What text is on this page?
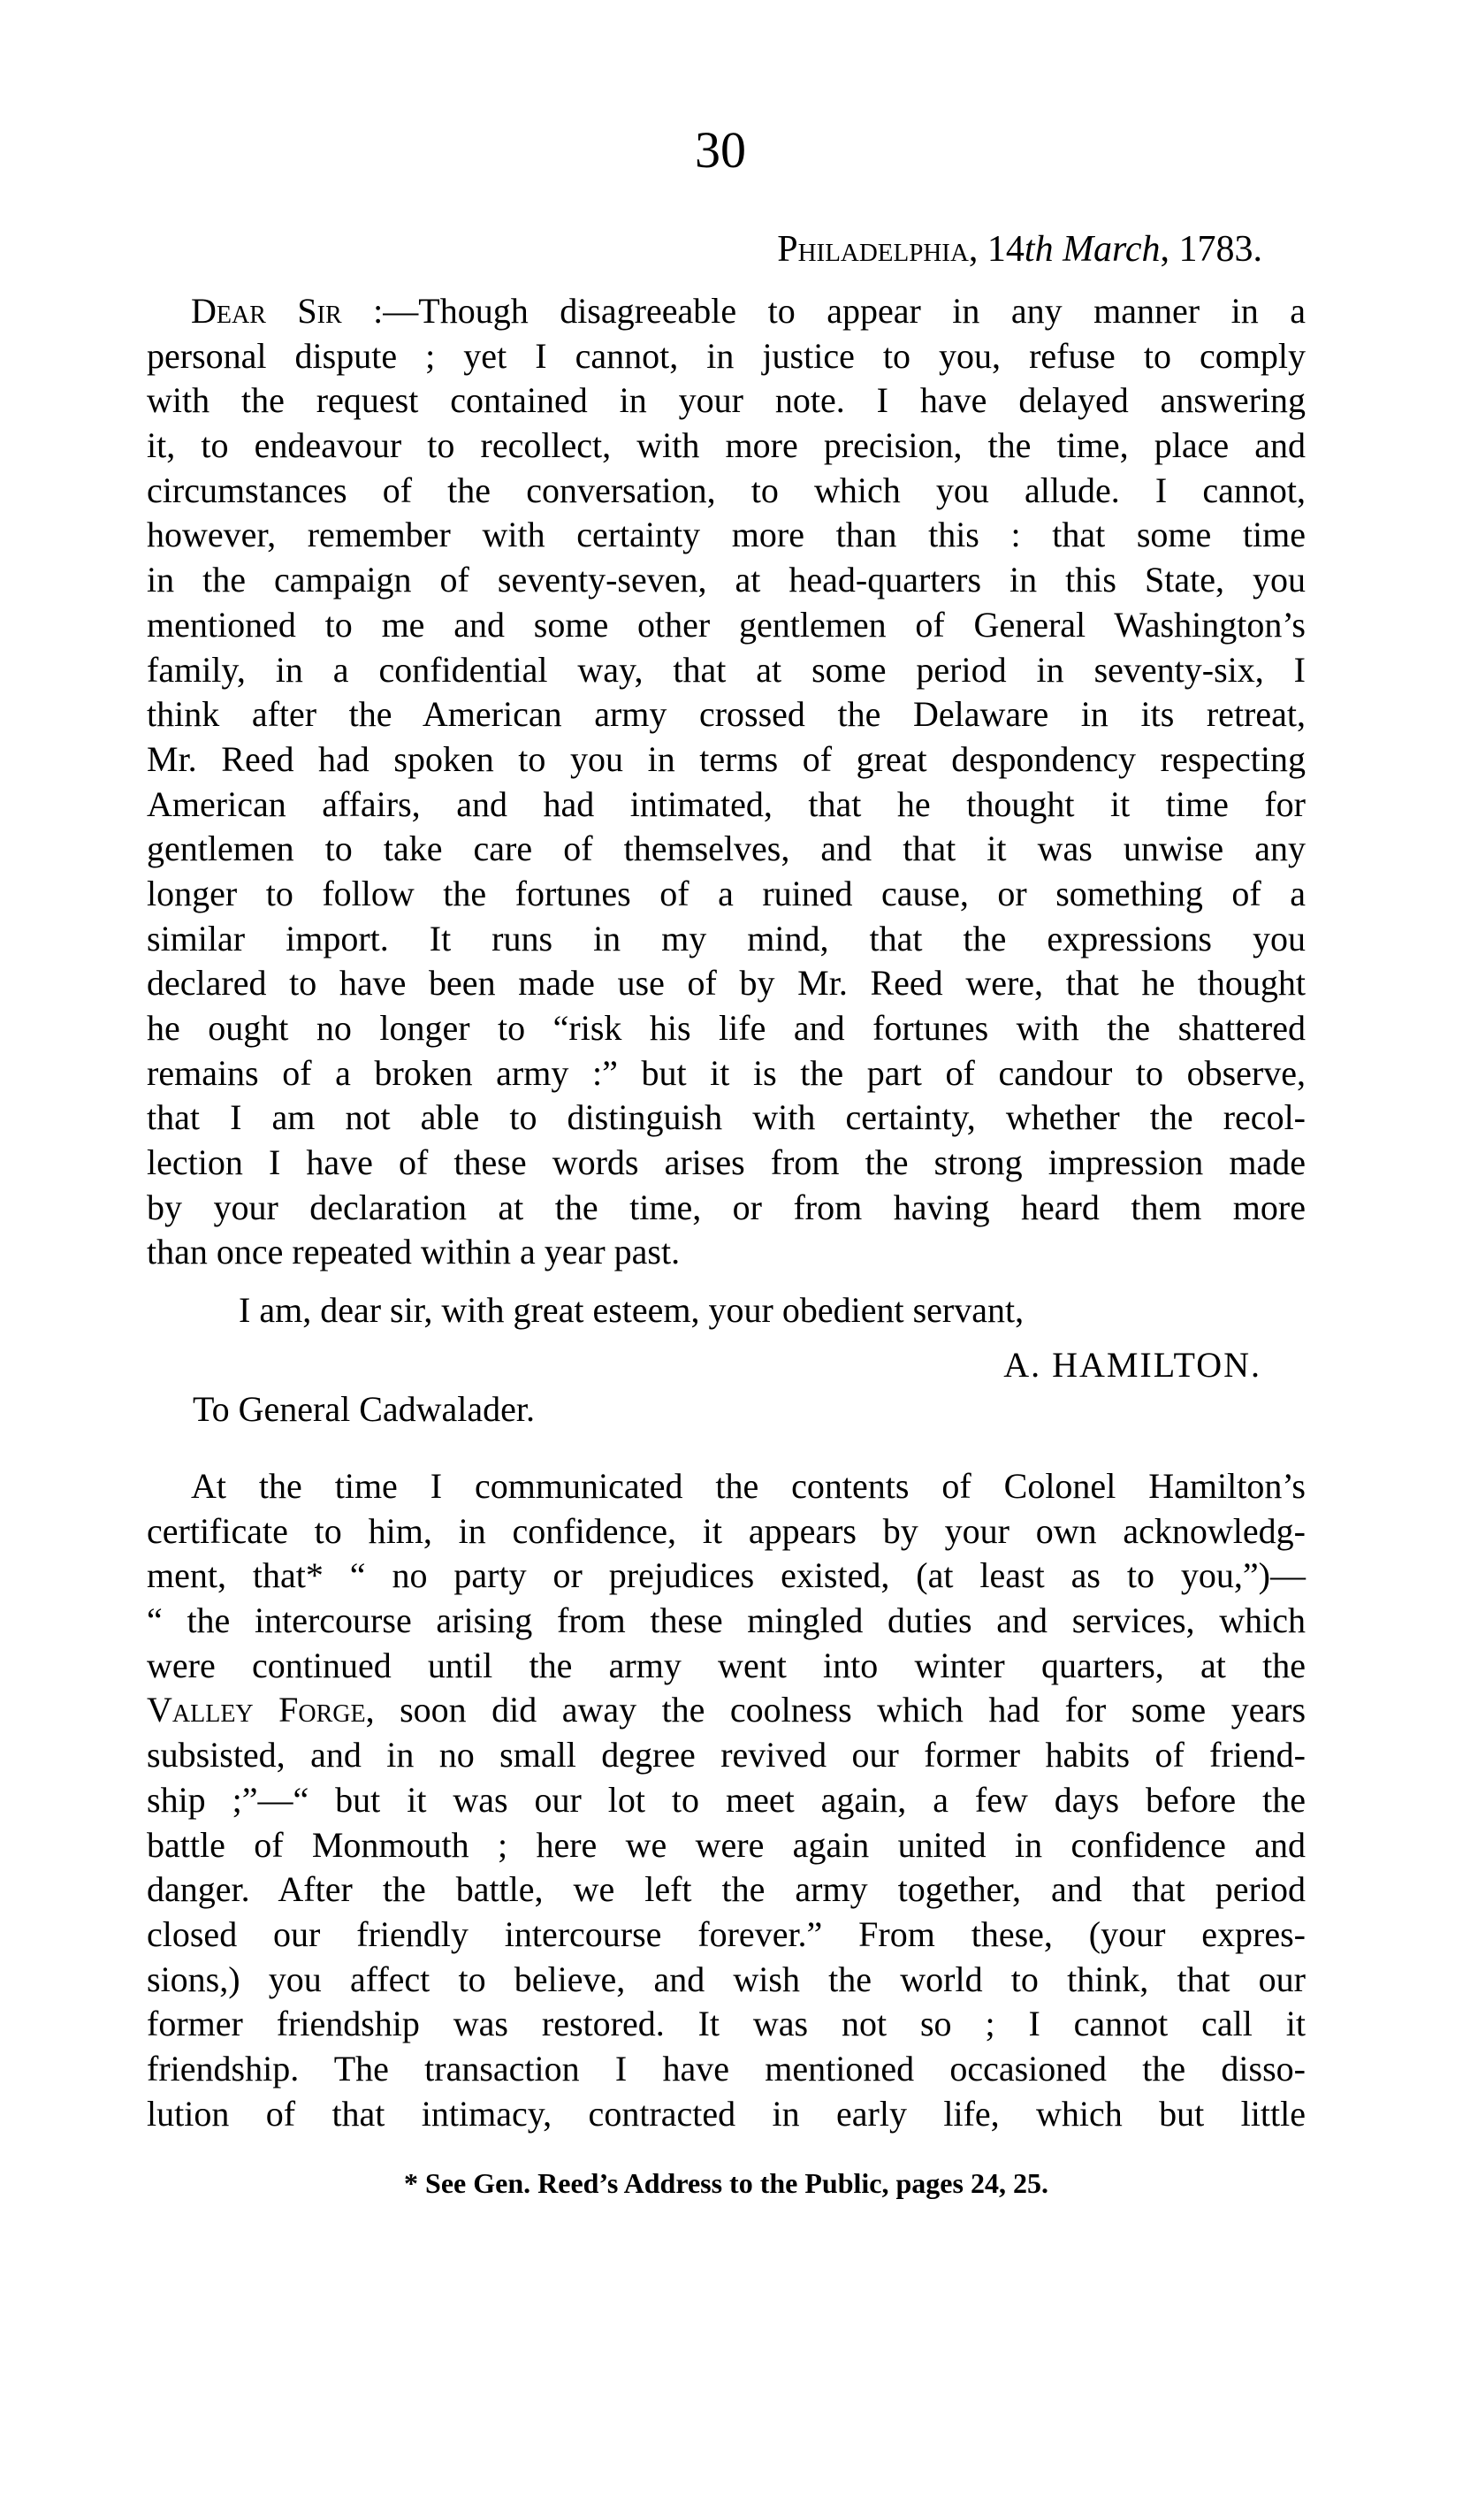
30
Philadelphia, 14th March, 1783.
Dear Sir :—Though disagreeable to appear in any manner in a
personal dispute ; yet I cannot, in justice to you, refuse to comply
with the request contained in your note. I have delayed answering
it, to endeavour to recollect, with more precision, the time, place and
circumstances of the conversation, to which you allude. I cannot,
however, remember with certainty more than this : that some time
in the campaign of seventy-seven, at head-quarters in this State, you
mentioned to me and some other gentlemen of General Washington’s
family, in a confidential way, that at some period in seventy-six, I
think after the American army crossed the Delaware in its retreat,
Mr. Reed had spoken to you in terms of great despondency respecting
American affairs, and had intimated, that he thought it time for
gentlemen to take care of themselves, and that it was unwise any
longer to follow the fortunes of a ruined cause, or something of a
similar import. It runs in my mind, that the expressions you
declared to have been made use of by Mr. Reed were, that he thought
he ought no longer to “risk his life and fortunes with the shattered
remains of a broken army :” but it is the part of candour to observe,
that I am not able to distinguish with certainty, whether the recol-
lection I have of these words arises from the strong impression made
by your declaration at the time, or from having heard them more
than once repeated within a year past.
I am, dear sir, with great esteem, your obedient servant,
A. HAMILTON.
To General Cadwalader.
At the time I communicated the contents of Colonel Hamilton’s
certificate to him, in confidence, it appears by your own acknowledg-
ment, that* “ no party or prejudices existed, (at least as to you,”)—
“ the intercourse arising from these mingled duties and services, which
were continued until the army went into winter quarters, at the
Valley Forge, soon did away the coolness which had for some years
subsisted, and in no small degree revived our former habits of friend-
ship ;”—“ but it was our lot to meet again, a few days before the
battle of Monmouth ; here we were again united in confidence and
danger. After the battle, we left the army together, and that period
closed our friendly intercourse forever.” From these, (your expres-
sions,) you affect to believe, and wish the world to think, that our
former friendship was restored. It was not so ; I cannot call it
friendship. The transaction I have mentioned occasioned the disso-
lution of that intimacy, contracted in early life, which but little
* See Gen. Reed’s Address to the Public, pages 24, 25.
